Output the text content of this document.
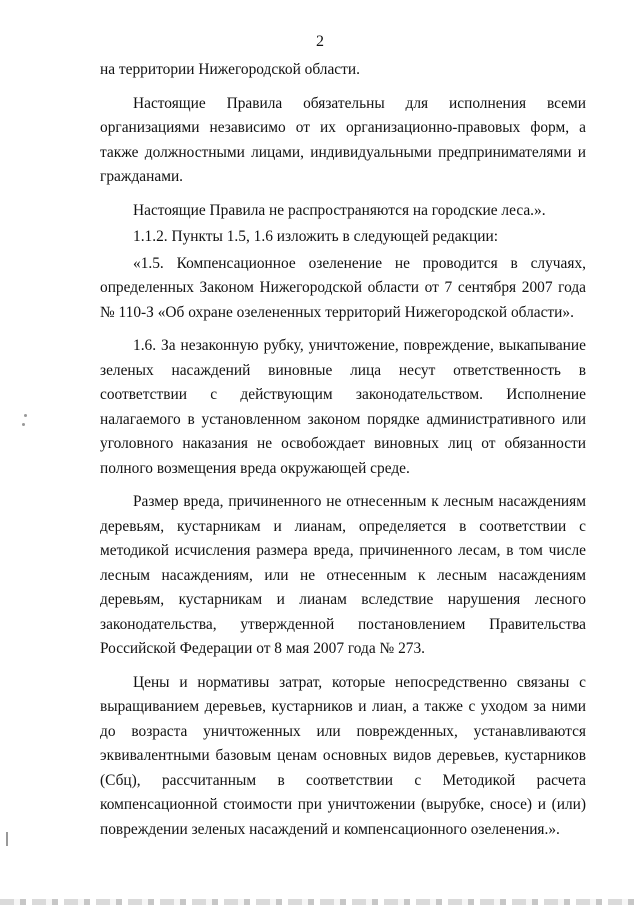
2

на территории Нижегородской области.

Настоящие Правила обязательны для исполнения всеми организациями независимо от их организационно-правовых форм, а также должностными лицами, индивидуальными предпринимателями и гражданами.

Настоящие Правила не распространяются на городские леса.».

1.1.2. Пункты 1.5, 1.6 изложить в следующей редакции:

«1.5. Компенсационное озеленение не проводится в случаях, определенных Законом Нижегородской области от 7 сентября 2007 года № 110-З «Об охране озелененных территорий Нижегородской области».

1.6. За незаконную рубку, уничтожение, повреждение, выкапывание зеленых насаждений виновные лица несут ответственность в соответствии с действующим законодательством. Исполнение налагаемого в установленном законом порядке административного или уголовного наказания не освобождает виновных лиц от обязанности полного возмещения вреда окружающей среде.

Размер вреда, причиненного не отнесенным к лесным насаждениям деревьям, кустарникам и лианам, определяется в соответствии с методикой исчисления размера вреда, причиненного лесам, в том числе лесным насаждениям, или не отнесенным к лесным насаждениям деревьям, кустарникам и лианам вследствие нарушения лесного законодательства, утвержденной постановлением Правительства Российской Федерации от 8 мая 2007 года № 273.

Цены и нормативы затрат, которые непосредственно связаны с выращиванием деревьев, кустарников и лиан, а также с уходом за ними до возраста уничтоженных или поврежденных, устанавливаются эквивалентными базовым ценам основных видов деревьев, кустарников (Сбц), рассчитанным в соответствии с Методикой расчета компенсационной стоимости при уничтожении (вырубке, сносе) и (или) повреждении зеленых насаждений и компенсационного озеленения.».
